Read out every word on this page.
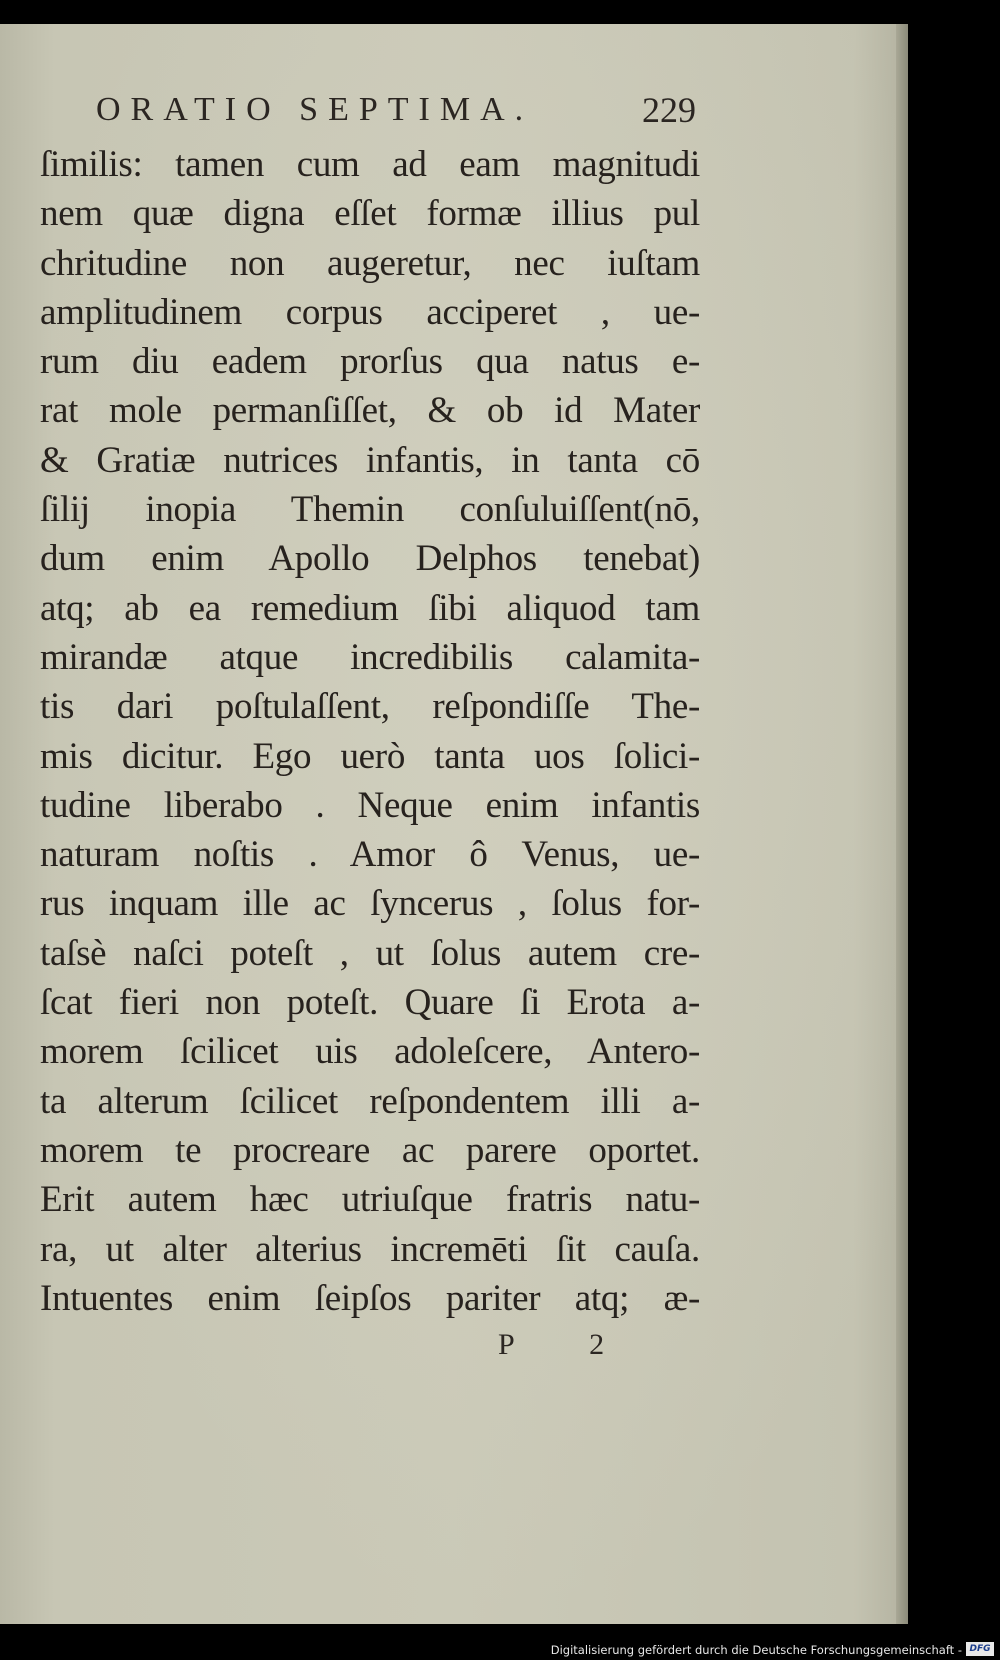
ORATIO SEPTIMA.	229
ſimilis: tamen cum ad eam magnitudi
nem quæ digna eſſet formæ illius pul
chritudine non augeretur, nec iuſtam
amplitudinem corpus acciperet , ue-
rum diu eadem prorſus qua natus e-
rat mole permanſiſſet, & ob id Mater
& Gratiæ nutrices infantis, in tanta cō
ſilij inopia Themin conſuluiſſent(nō,
dum enim Apollo Delphos tenebat)
atq; ab ea remedium ſibi aliquod tam
mirandæ atque incredibilis calamita-
tis dari poſtulaſſent, reſpondiſſe The-
mis dicitur. Ego uerò tanta uos ſolici-
tudine liberabo . Neque enim infantis
naturam noſtis . Amor ô Venus, ue-
rus inquam ille ac ſyncerus , ſolus for-
taſsè naſci poteſt , ut ſolus autem cre-
ſcat fieri non poteſt. Quare ſi Erota a-
morem ſcilicet uis adoleſcere, Antero-
ta alterum ſcilicet reſpondentem illi a-
morem te procreare ac parere oportet.
Erit autem hæc utriuſque fratris natu-
ra, ut alter alterius incremēti ſit cauſa.
Intuentes enim ſeipſos pariter atq; æ-
P 2
Digitalisierung gefördert durch die Deutsche Forschungsgemeinschaft - DFG
